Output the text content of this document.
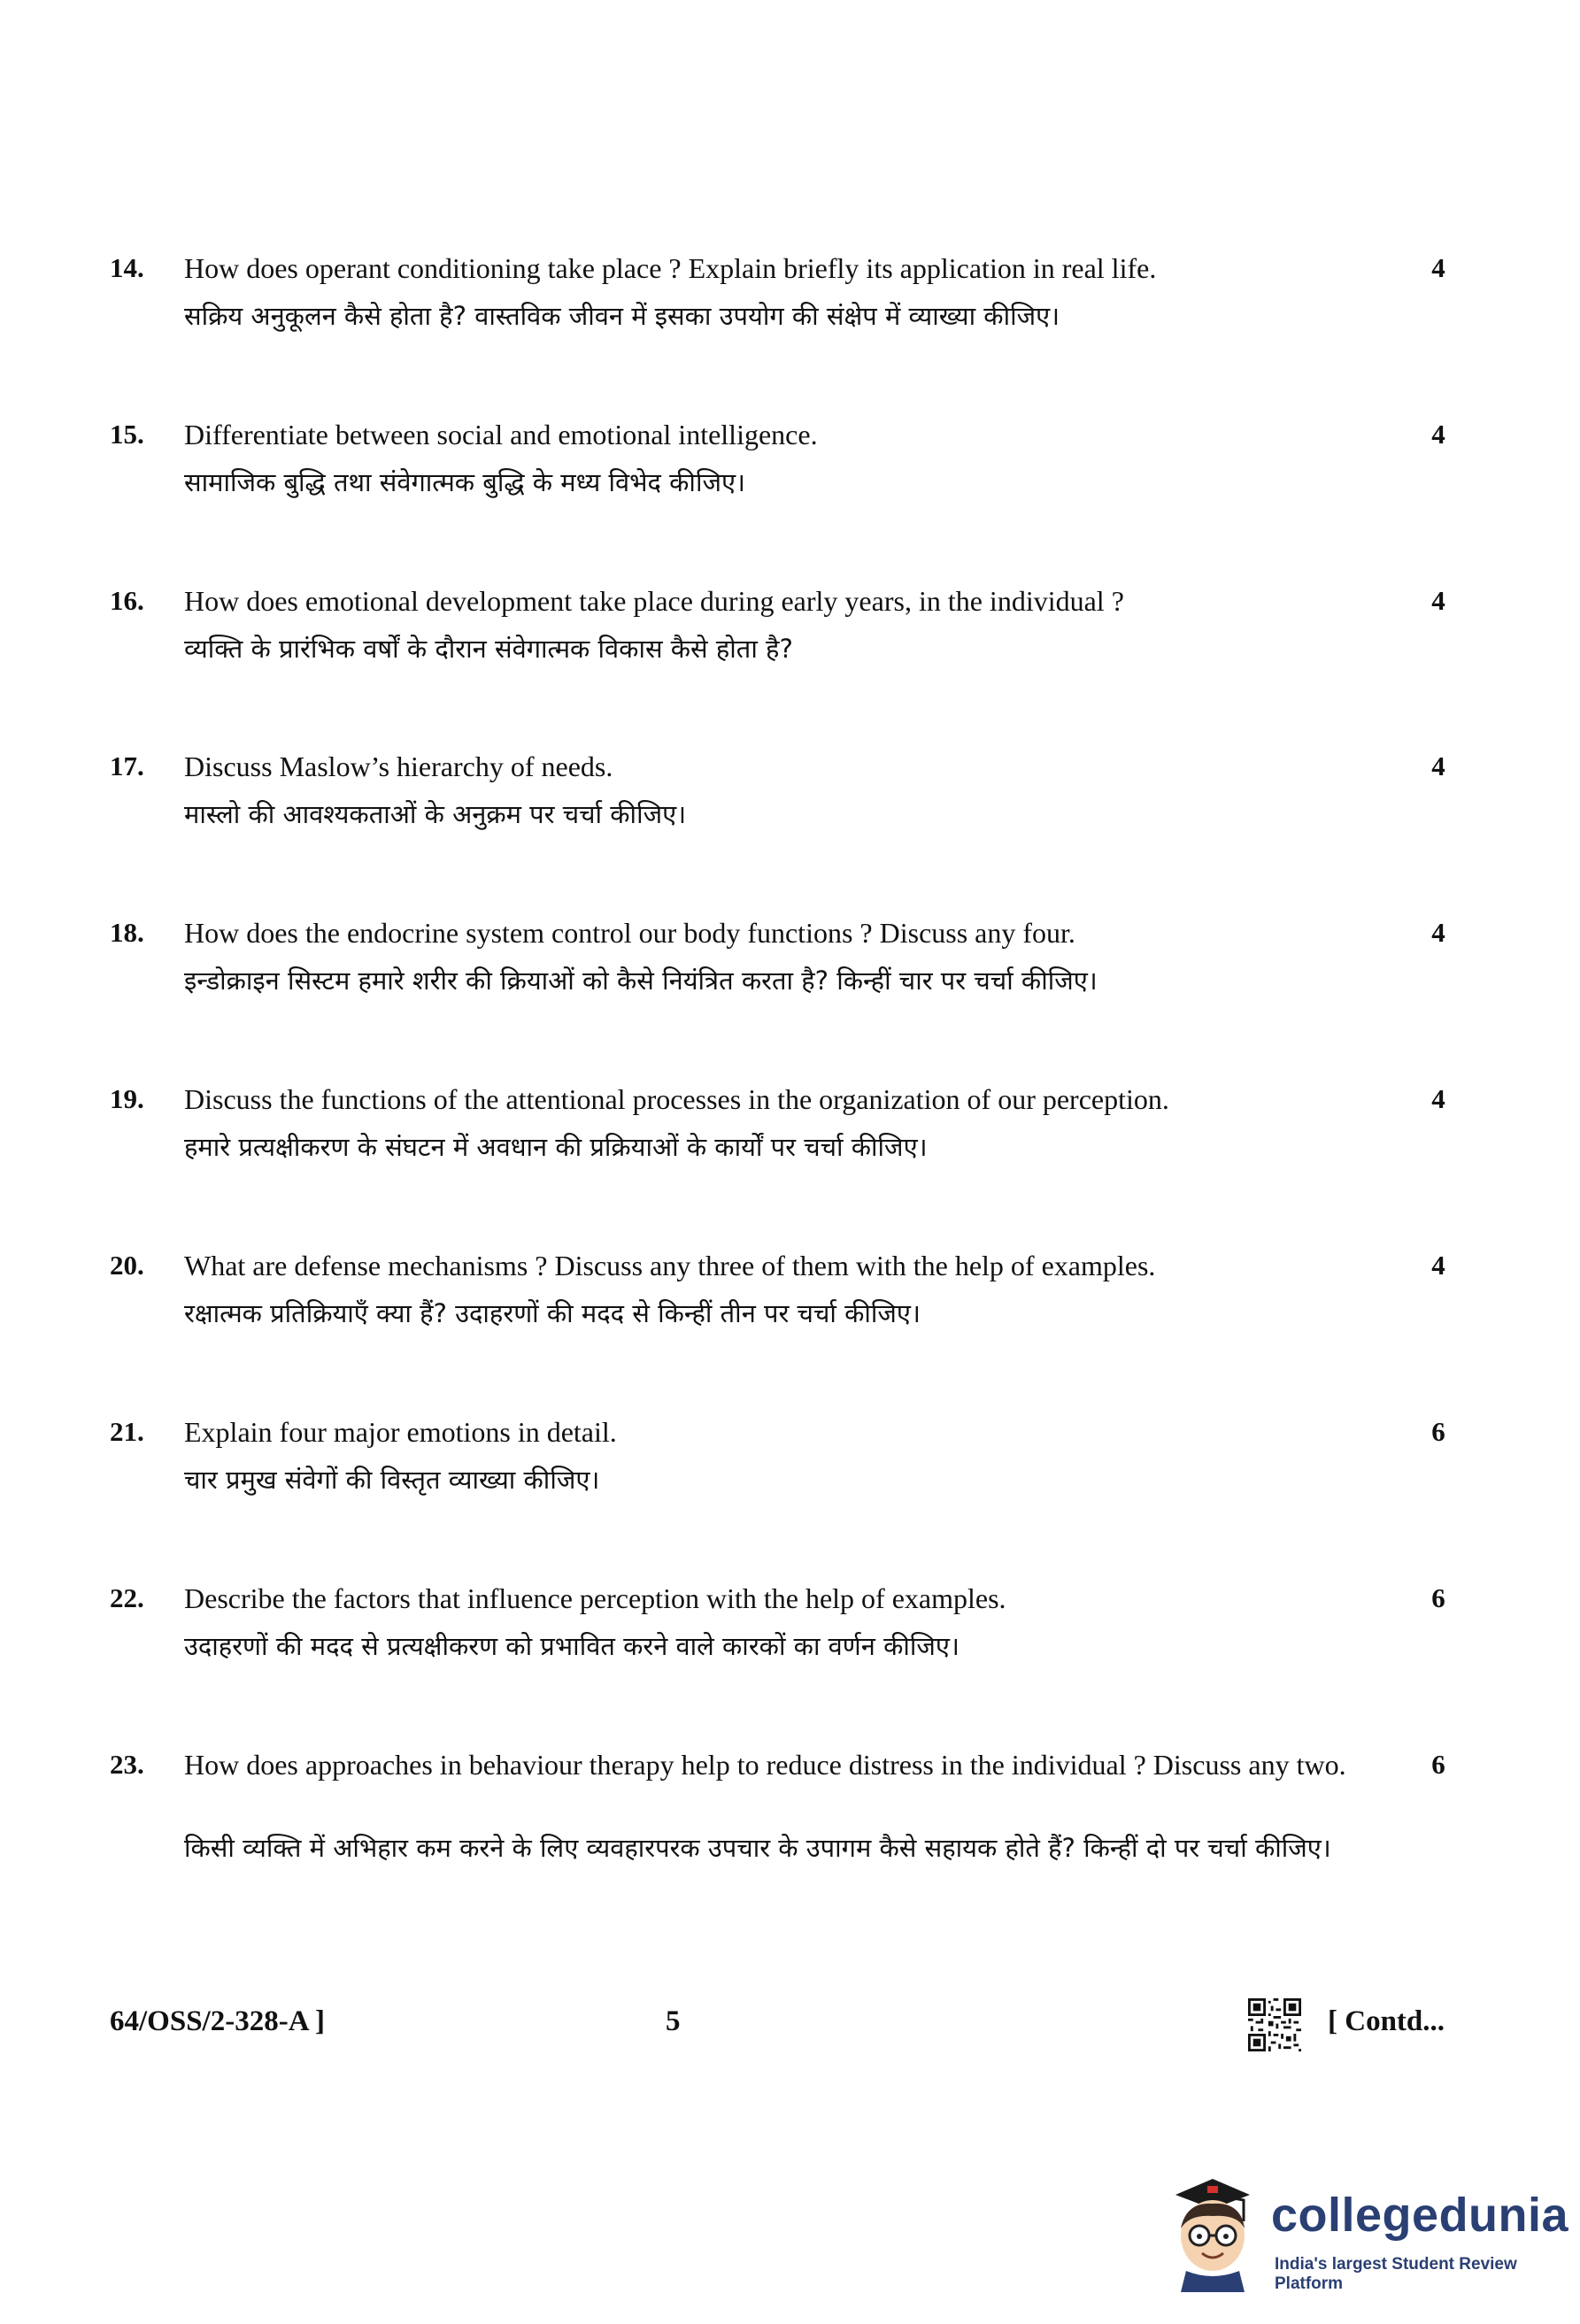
14. How does operant conditioning take place ? Explain briefly its application in real life.
सक्रिय अनुकूलन कैसे होता है? वास्तविक जीवन में इसका उपयोग की संक्षेप में व्याख्या कीजिए।
4
15. Differentiate between social and emotional intelligence.
सामाजिक बुद्धि तथा संवेगात्मक बुद्धि के मध्य विभेद कीजिए।
4
16. How does emotional development take place during early years, in the individual ?
व्यक्ति के प्रारंभिक वर्षों के दौरान संवेगात्मक विकास कैसे होता है?
4
17. Discuss Maslow’s hierarchy of needs.
मास्लो की आवश्यकताओं के अनुक्रम पर चर्चा कीजिए।
4
18. How does the endocrine system control our body functions ? Discuss any four.
इन्डोक्राइन सिस्टम हमारे शरीर की क्रियाओं को कैसे नियंत्रित करता है? किन्हीं चार पर चर्चा कीजिए।
4
19. Discuss the functions of the attentional processes in the organization of our perception.
हमारे प्रत्यक्षीकरण के संघटन में अवधान की प्रक्रियाओं के कार्यों पर चर्चा कीजिए।
4
20. What are defense mechanisms ? Discuss any three of them with the help of examples.
रक्षात्मक प्रतिक्रियाएँ क्या हैं? उदाहरणों की मदद से किन्हीं तीन पर चर्चा कीजिए।
4
21. Explain four major emotions in detail.
चार प्रमुख संवेगों की विस्तृत व्याख्या कीजिए।
6
22. Describe the factors that influence perception with the help of examples.
उदाहरणों की मदद से प्रत्यक्षीकरण को प्रभावित करने वाले कारकों का वर्णन कीजिए।
6
23. How does approaches in behaviour therapy help to reduce distress in the individual ? Discuss any two.
किसी व्यक्ति में अभिहार कम करने के लिए व्यवहारपरक उपचार के उपागम कैसे सहायक होते हैं? किन्हीं दो पर चर्चा कीजिए।
6
64/OSS/2-328-A ]	5	[ Contd...
collegedunia
India's largest Student Review Platform
